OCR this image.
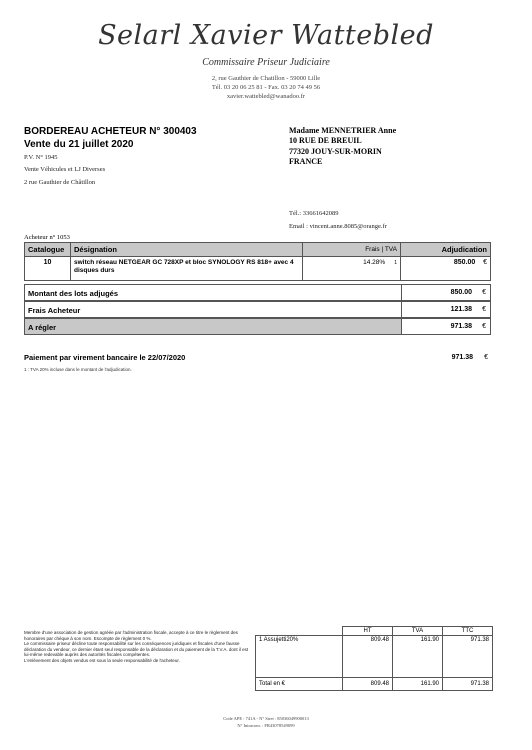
Selarl Xavier Wattebled
Commissaire Priseur Judiciaire
2, rue Gauthier de Chatillon - 59000 Lille
Tél. 03 20 06 25 81 - Fax. 03 20 74 49 56
xavier.wattebled@wanadoo.fr
BORDEREAU ACHETEUR N° 300403
Vente du 21 juillet 2020
P.V. N° 1945
Vente Véhicules et LJ Diverses
2 rue Gauthier de Châtillon
Madame MENNETRIER Anne
10 RUE DE BREUIL
77320 JOUY-SUR-MORIN
FRANCE
Tél.: 33661642089
Email : vincent.anne.8085@orange.fr
Acheteur n° 1053
Catalogue	Désignation	Frais | TVA	Adjudication
10	switch réseau NETGEAR GC 728XP et bloc SYNOLOGY RS 818+ avec 4 disques durs	14.28% 1	850.00 €
Montant des lots adjugés	850.00 €
Frais Acheteur	121.38 €
A régler	971.38 €
Paiement par virement bancaire le 22/07/2020	971.38 €
1 : TVA 20% incluse dans le montant de l'adjudication.
Membre d'une association de gestion agréée par l'administration fiscale, accepte à ce titre le règlement des honoraires par chèque à son nom. Escompte de règlement 0 %.
Le commissaire priseur décline toute responsabilité sur les conséquences juridiques et fiscales d'une fausse déclaration du vendeur, ce dernier étant seul responsable de la déclaration et du paiement de la T.V.A. dont il est lui-même redevable auprès des autorités fiscales compétentes.
L'enlèvement des objets vendus est sous la seule responsabilité de l'acheteur.
	HT	TVA	TTC
1 Assujetti20%	809.48	161.90	971.38
Total en €	809.48	161.90	971.38
Code APE : 741A - N° Siret : 85036049900013
N° Intracom. : FR43078549099
